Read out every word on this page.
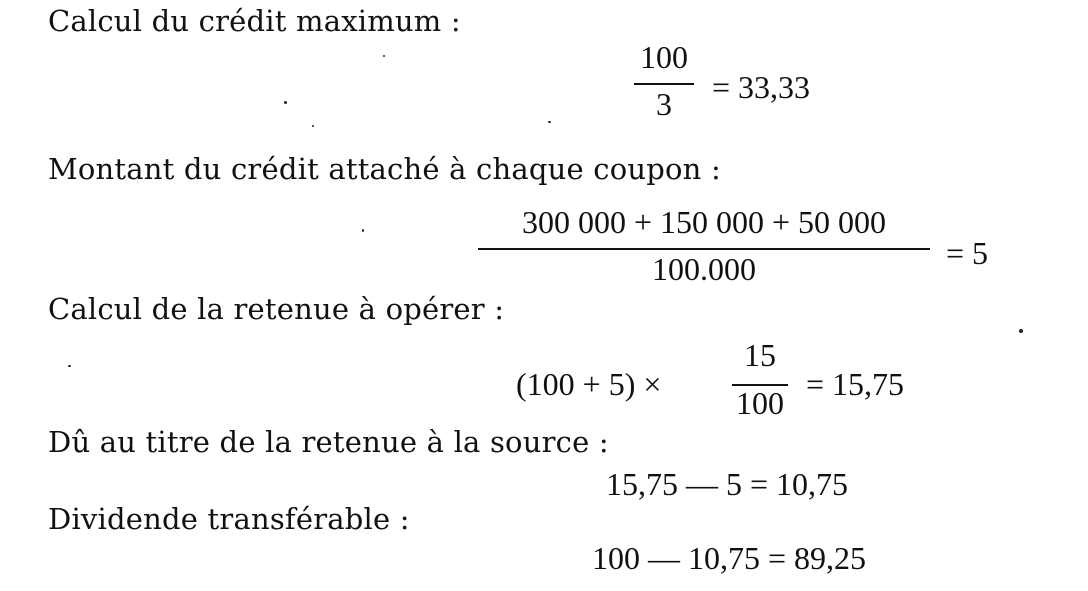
Calcul du crédit maximum :
100
3	= 33,33
Montant du crédit attaché à chaque coupon :
300 000 + 150 000 + 50 000
100.000	= 5
Calcul de la retenue à opérer :
(100 + 5) ×
15
100
= 15,75
Dû au titre de la retenue à la source :
15,75 — 5 = 10,75
Dividende transférable :
100 — 10,75 = 89,25
